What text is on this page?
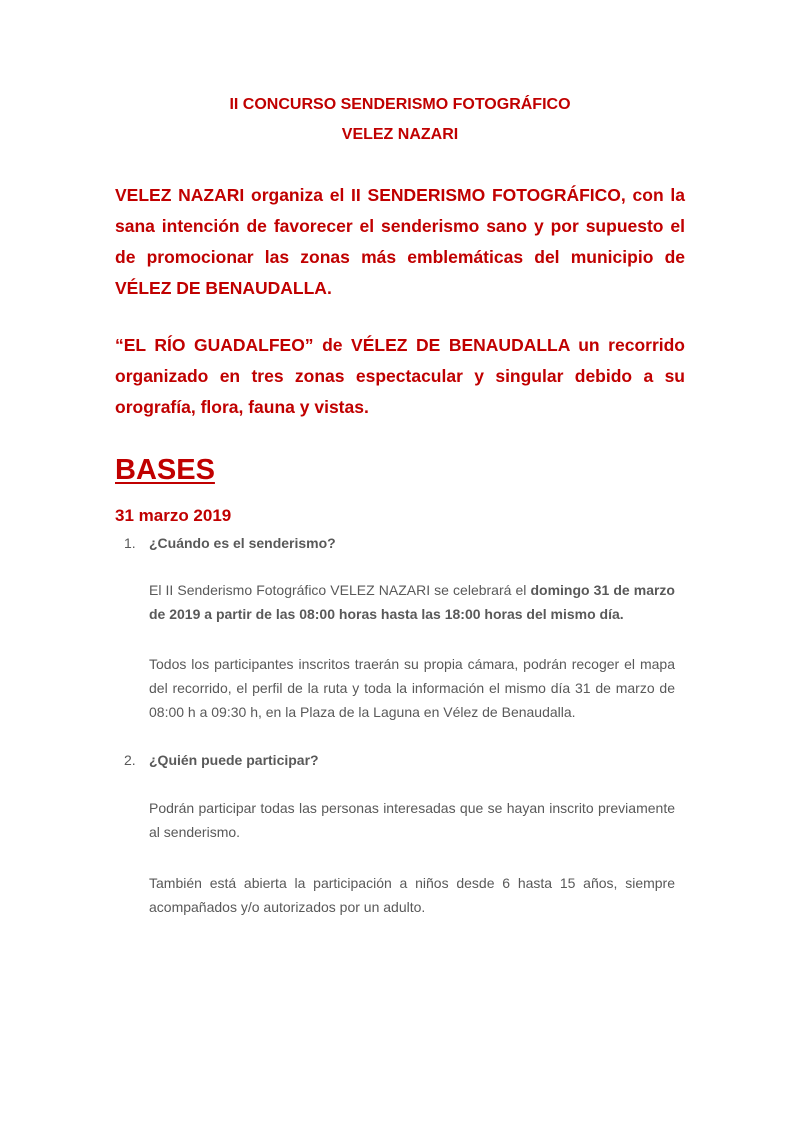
II CONCURSO SENDERISMO FOTOGRÁFICO
VELEZ NAZARI

VELEZ NAZARI organiza el II SENDERISMO FOTOGRÁFICO, con la sana intención de favorecer el senderismo sano y por supuesto el de promocionar las zonas más emblemáticas del municipio de VÉLEZ DE BENAUDALLA.

“EL RÍO GUADALFEO” de VÉLEZ DE BENAUDALLA un recorrido organizado en tres zonas espectacular y singular debido a su orografía, flora, fauna y vistas.

BASES
31 marzo 2019
1. ¿Cuándo es el senderismo?

El II Senderismo Fotográfico VELEZ NAZARI se celebrará el domingo 31 de marzo de 2019 a partir de las 08:00 horas hasta las 18:00 horas del mismo día.

Todos los participantes inscritos traerán su propia cámara, podrán recoger el mapa del recorrido, el perfil de la ruta y toda la información el mismo día 31 de marzo de 08:00 h a 09:30 h, en la Plaza de la Laguna en Vélez de Benaudalla.

2. ¿Quién puede participar?

Podrán participar todas las personas interesadas que se hayan inscrito previamente al senderismo.

También está abierta la participación a niños desde 6 hasta 15 años, siempre acompañados y/o autorizados por un adulto.
